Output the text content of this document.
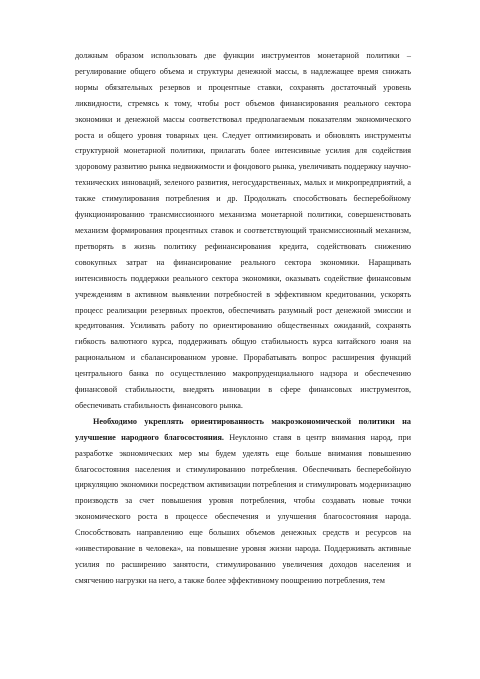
должным образом использовать две функции инструментов монетарной политики – регулирование общего объема и структуры денежной массы, в надлежащее время снижать нормы обязательных резервов и процентные ставки, сохранять достаточный уровень ликвидности, стремясь к тому, чтобы рост объемов финансирования реального сектора экономики и денежной массы соответствовал предполагаемым показателям экономического роста и общего уровня товарных цен. Следует оптимизировать и обновлять инструменты структурной монетарной политики, прилагать более интенсивные усилия для содействия здоровому развитию рынка недвижимости и фондового рынка, увеличивать поддержку научно-технических инноваций, зеленого развития, негосударственных, малых и микропредприятий, а также стимулирования потребления и др. Продолжать способствовать бесперебойному функционированию трансмиссионного механизма монетарной политики, совершенствовать механизм формирования процентных ставок и соответствующий трансмиссионный механизм, претворять в жизнь политику рефинансирования кредита, содействовать снижению совокупных затрат на финансирование реального сектора экономики. Наращивать интенсивность поддержки реального сектора экономики, оказывать содействие финансовым учреждениям в активном выявлении потребностей в эффективном кредитовании, ускорять процесс реализации резервных проектов, обеспечивать разумный рост денежной эмиссии и кредитования. Усиливать работу по ориентированию общественных ожиданий, сохранять гибкость валютного курса, поддерживать общую стабильность курса китайского юаня на рациональном и сбалансированном уровне. Прорабатывать вопрос расширения функций центрального банка по осуществлению макропруденциального надзора и обеспечению финансовой стабильности, внедрять инновации в сфере финансовых инструментов, обеспечивать стабильность финансового рынка.

Необходимо укреплять ориентированность макроэкономической политики на улучшение народного благосостояния. Неуклонно ставя в центр внимания народ, при разработке экономических мер мы будем уделять еще больше внимания повышению благосостояния населения и стимулированию потребления. Обеспечивать бесперебойную циркуляцию экономики посредством активизации потребления и стимулировать модернизацию производств за счет повышения уровня потребления, чтобы создавать новые точки экономического роста в процессе обеспечения и улучшения благосостояния народа. Способствовать направлению еще больших объемов денежных средств и ресурсов на «инвестирование в человека», на повышение уровня жизни народа. Поддерживать активные усилия по расширению занятости, стимулированию увеличения доходов населения и смягчению нагрузки на него, а также более эффективному поощрению потребления, тем
